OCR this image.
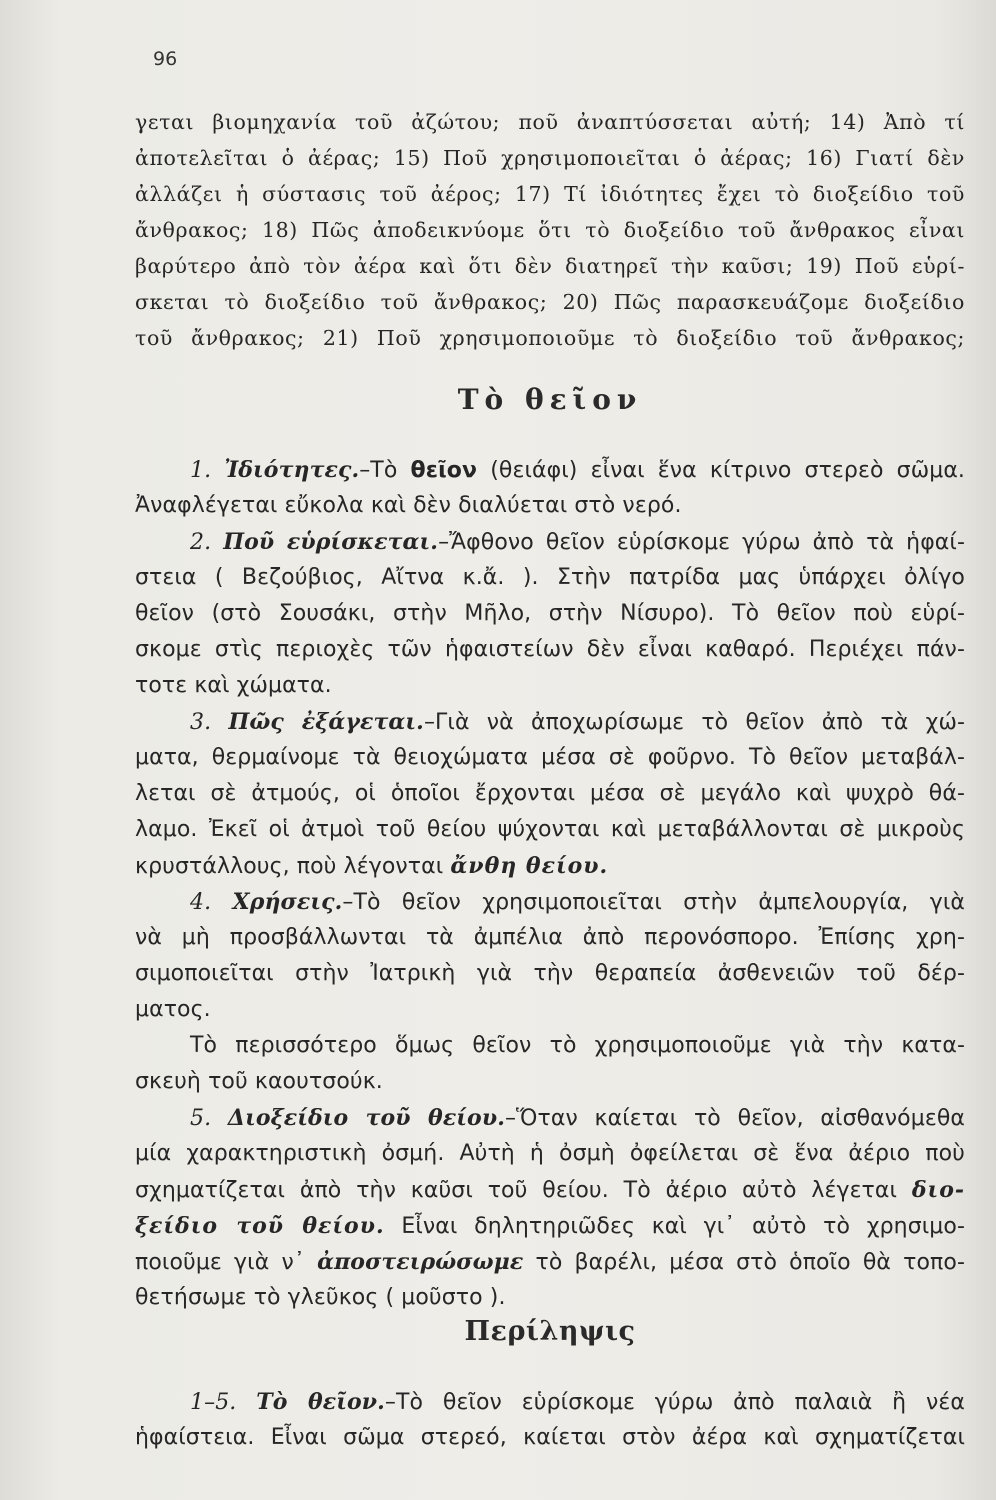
96
γεται βιομηχανία τοῦ ἀζώτου; ποῦ ἀναπτύσσεται αὐτή; 14) Ἀπὸ τί
ἀποτελεῖται ὁ ἀέρας; 15) Ποῦ χρησιμοποιεῖται ὁ ἀέρας; 16) Γιατί δὲν
ἀλλάζει ἡ σύστασις τοῦ ἀέρος; 17) Τί ἰδιότητες ἔχει τὸ διοξείδιο τοῦ
ἄνθρακος; 18) Πῶς ἀποδεικνύομε ὅτι τὸ διοξείδιο τοῦ ἄνθρακος εἶναι
βαρύτερο ἀπὸ τὸν ἀέρα καὶ ὅτι δὲν διατηρεῖ τὴν καῦσι; 19) Ποῦ εὑρί-
σκεται τὸ διοξείδιο τοῦ ἄνθρακος; 20) Πῶς παρασκευάζομε διοξείδιο
τοῦ ἄνθρακος; 21) Ποῦ χρησιμοποιοῦμε τὸ διοξείδιο τοῦ ἄνθρακος;
Τὸ θεῖον
1. Ἰδιότητες.–Τὸ θεῖον (θειάφι) εἶναι ἕνα κίτρινο στερεὸ σῶμα.
Ἀναφλέγεται εὔκολα καὶ δὲν διαλύεται στὸ νερό.
2. Ποῦ εὑρίσκεται.–Ἄφθονο θεῖον εὑρίσκομε γύρω ἀπὸ τὰ ἡφαί-
στεια ( Βεζούβιος, Αἴτνα κ.ἄ. ). Στὴν πατρίδα μας ὑπάρχει ὀλίγο
θεῖον (στὸ Σουσάκι, στὴν Μῆλο, στὴν Νίσυρο). Τὸ θεῖον ποὺ εὑρί-
σκομε στὶς περιοχὲς τῶν ἡφαιστείων δὲν εἶναι καθαρό. Περιέχει πάν-
τοτε καὶ χώματα.
3. Πῶς ἐξάγεται.–Γιὰ νὰ ἀποχωρίσωμε τὸ θεῖον ἀπὸ τὰ χώ-
ματα, θερμαίνομε τὰ θειοχώματα μέσα σὲ φοῦρνο. Τὸ θεῖον μεταβάλ-
λεται σὲ ἀτμούς, οἱ ὁποῖοι ἔρχονται μέσα σὲ μεγάλο καὶ ψυχρὸ θά-
λαμο. Ἐκεῖ οἱ ἀτμοὶ τοῦ θείου ψύχονται καὶ μεταβάλλονται σὲ μικροὺς
κρυστάλλους, ποὺ λέγονται ἄνθη θείου.
4. Χρήσεις.–Τὸ θεῖον χρησιμοποιεῖται στὴν ἀμπελουργία, γιὰ
νὰ μὴ προσβάλλωνται τὰ ἀμπέλια ἀπὸ περονόσπορο. Ἐπίσης χρη-
σιμοποιεῖται στὴν Ἰατρικὴ γιὰ τὴν θεραπεία ἀσθενειῶν τοῦ δέρ-
ματος.
Τὸ περισσότερο ὅμως θεῖον τὸ χρησιμοποιοῦμε γιὰ τὴν κατα-
σκευὴ τοῦ καουτσούκ.
5. Διοξείδιο τοῦ θείου.–Ὅταν καίεται τὸ θεῖον, αἰσθανόμεθα
μία χαρακτηριστικὴ ὀσμή. Αὐτὴ ἡ ὀσμὴ ὀφείλεται σὲ ἕνα ἀέριο ποὺ
σχηματίζεται ἀπὸ τὴν καῦσι τοῦ θείου. Τὸ ἀέριο αὐτὸ λέγεται διο-
ξείδιο τοῦ θείου. Εἶναι δηλητηριῶδες καὶ γι᾿ αὐτὸ τὸ χρησιμο-
ποιοῦμε γιὰ ν᾿ ἀποστειρώσωμε τὸ βαρέλι, μέσα στὸ ὁποῖο θὰ τοπο-
θετήσωμε τὸ γλεῦκος ( μοῦστο ).
Περίληψις
1–5. Τὸ θεῖον.–Τὸ θεῖον εὑρίσκομε γύρω ἀπὸ παλαιὰ ἢ νέα
ἡφαίστεια. Εἶναι σῶμα στερεό, καίεται στὸν ἀέρα καὶ σχηματίζεται
